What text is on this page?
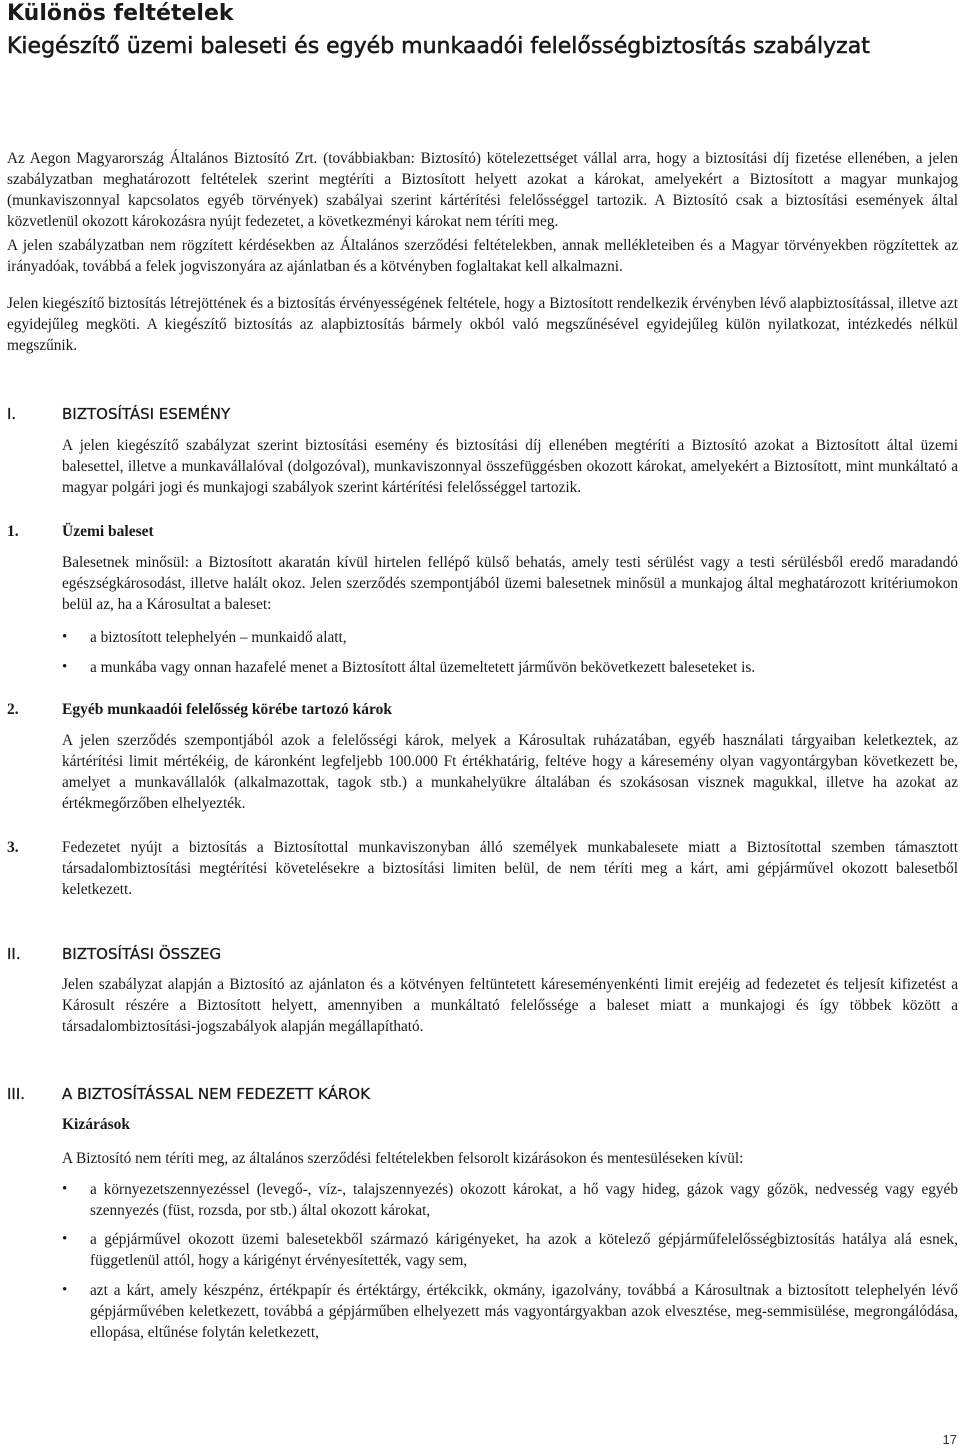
Különös feltételek
Kiegészítő üzemi baleseti és egyéb munkaadói felelősségbiztosítás szabályzat

Az Aegon Magyarország Általános Biztosító Zrt. (továbbiakban: Biztosító) kötelezettséget vállal arra, hogy a biztosítási díj fizetése ellenében, a jelen szabályzatban meghatározott feltételek szerint megtéríti a Biztosított helyett azokat a károkat, amelyekért a Biztosított a magyar munkajog (munkaviszonnyal kapcsolatos egyéb törvények) szabályai szerint kártérítési felelősséggel tartozik. A Biztosító csak a biztosítási események által közvetlenül okozott károkozásra nyújt fedezetet, a következményi károkat nem téríti meg.

A jelen szabályzatban nem rögzített kérdésekben az Általános szerződési feltételekben, annak mellékleteiben és a Magyar törvényekben rögzítettek az irányadóak, továbbá a felek jogviszonyára az ajánlatban és a kötvényben foglaltakat kell alkalmazni.

Jelen kiegészítő biztosítás létrejöttének és a biztosítás érvényességének feltétele, hogy a Biztosított rendelkezik érvényben lévő alapbiztosítással, illetve azt egyidejűleg megköti. A kiegészítő biztosítás az alapbiztosítás bármely okból való megszűnésével egyidejűleg külön nyilatkozat, intézkedés nélkül megszűnik.

I.	BIZTOSÍTÁSI ESEMÉNY

A jelen kiegészítő szabályzat szerint biztosítási esemény és biztosítási díj ellenében megtéríti a Biztosító azokat a Biztosított által üzemi balesettel, illetve a munkavállalóval (dolgozóval), munkaviszonnyal összefüggésben okozott károkat, amelyekért a Biztosított, mint munkáltató a magyar polgári jogi és munkajogi szabályok szerint kártérítési felelősséggel tartozik.

1.	Üzemi baleset

Balesetnek minősül: a Biztosított akaratán kívül hirtelen fellépő külső behatás, amely testi sérülést vagy a testi sérülésből eredő maradandó egészségkárosodást, illetve halált okoz. Jelen szerződés szempontjából üzemi balesetnek minősül a munkajog által meghatározott kritériumokon belül az, ha a Károsultat a baleset:

• a biztosított telephelyén – munkaidő alatt,

• a munkába vagy onnan hazafelé menet a Biztosított által üzemeltetett járművön bekövetkezett baleseteket is.

2.	Egyéb munkaadói felelősség körébe tartozó károk

A jelen szerződés szempontjából azok a felelősségi károk, melyek a Károsultak ruházatában, egyéb használati tárgyaiban keletkeztek, az kártérítési limit mértékéig, de káronként legfeljebb 100.000 Ft értékhatárig, feltéve hogy a káresemény olyan vagyontárgyban következett be, amelyet a munkavállalók (alkalmazottak, tagok stb.) a munkahelyükre általában és szokásosan visznek magukkal, illetve ha azokat az értékmegőrzőben elhelyezték.

3.	Fedezetet nyújt a biztosítás a Biztosítottal munkaviszonyban álló személyek munkabalesete miatt a Biztosítottal szemben támasztott társadalombiztosítási megtérítési követelésekre a biztosítási limiten belül, de nem téríti meg a kárt, ami gépjárművel okozott balesetből keletkezett.

II.	BIZTOSÍTÁSI ÖSSZEG

Jelen szabályzat alapján a Biztosító az ajánlaton és a kötvényen feltüntetett káreseményenkénti limit erejéig ad fedezetet és teljesít kifizetést a Károsult részére a Biztosított helyett, amennyiben a munkáltató felelőssége a baleset miatt a munkajogi és így többek között a társadalombiztosítási-jogszabályok alapján megállapítható.

III. A BIZTOSÍTÁSSAL NEM FEDEZETT KÁROK
Kizárások

A Biztosító nem téríti meg, az általános szerződési feltételekben felsorolt kizárásokon és mentesüléseken kívül:

• a környezetszennyezéssel (levegő-, víz-, talajszennyezés) okozott károkat, a hő vagy hideg, gázok vagy gőzök, nedvesség vagy egyéb szennyezés (füst, rozsda, por stb.) által okozott károkat,

• a gépjárművel okozott üzemi balesetekből származó kárigényeket, ha azok a kötelező gépjárműfelelősségbiztosítás hatálya alá esnek, függetlenül attól, hogy a kárigényt érvényesítették, vagy sem,

• azt a kárt, amely készpénz, értékpapír és értéktárgy, értékcikk, okmány, igazolvány, továbbá a Károsultnak a biztosított telephelyén lévő gépjárművében keletkezett, továbbá a gépjárműben elhelyezett más vagyontárgyakban azok elvesztése, meg-semmisülése, megrongálódása, ellopása, eltűnése folytán keletkezett,

17
